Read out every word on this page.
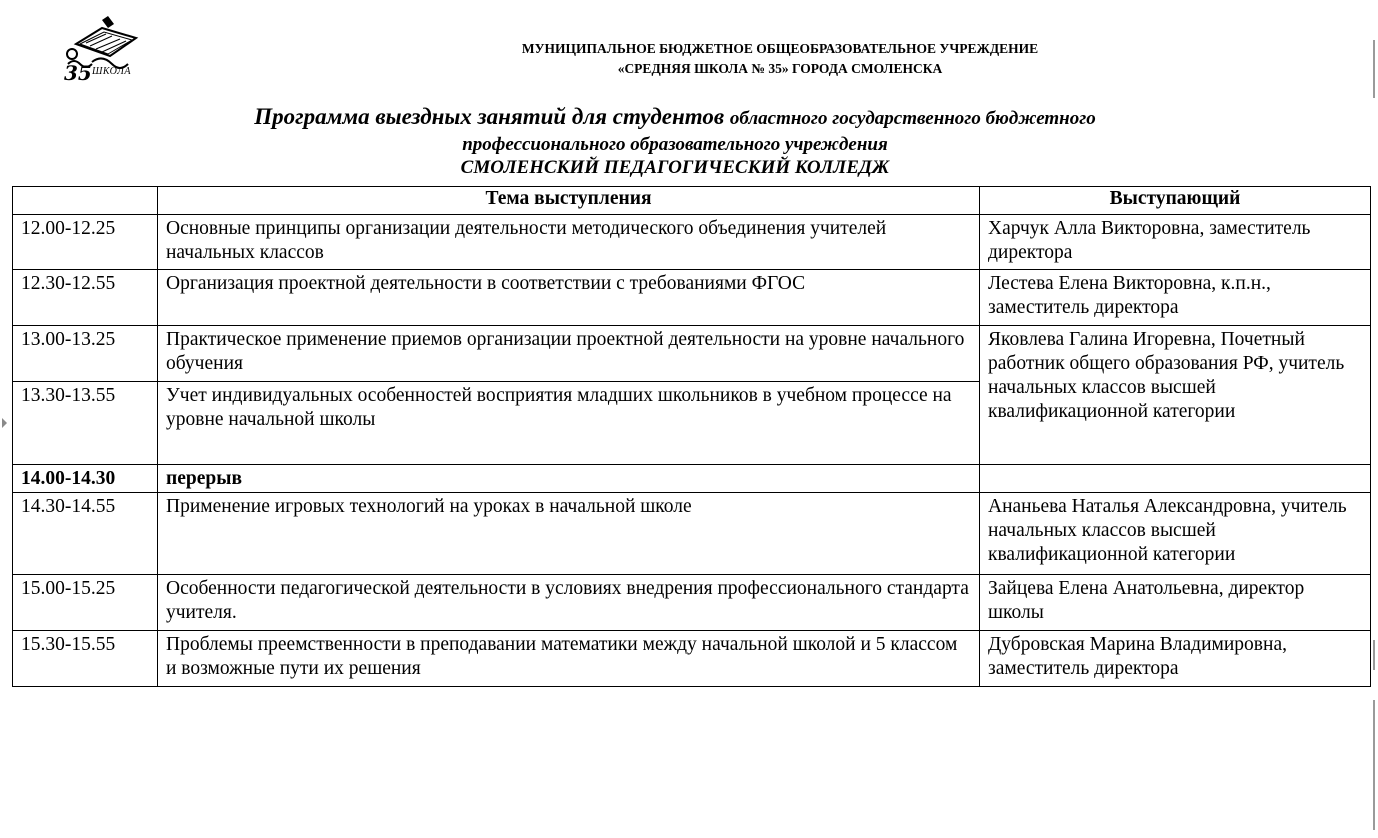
35 ШКОЛА
МУНИЦИПАЛЬНОЕ БЮДЖЕТНОЕ ОБЩЕОБРАЗОВАТЕЛЬНОЕ УЧРЕЖДЕНИЕ
«СРЕДНЯЯ ШКОЛА № 35» ГОРОДА СМОЛЕНСКА
Программа выездных занятий для студентов областного государственного бюджетного
профессионального образовательного учреждения
СМОЛЕНСКИЙ ПЕДАГОГИЧЕСКИЙ КОЛЛЕДЖ
	Тема выступления	Выступающий
12.00-12.25	Основные принципы организации деятельности методического объединения учителей начальных классов	Харчук Алла Викторовна, заместитель директора
12.30-12.55	Организация проектной деятельности в соответствии с требованиями ФГОС	Лестева Елена Викторовна, к.п.н., заместитель директора
13.00-13.25	Практическое применение приемов организации проектной деятельности на уровне начального обучения	Яковлева Галина Игоревна, Почетный работник общего образования РФ, учитель начальных классов высшей квалификационной категории
13.30-13.55	Учет индивидуальных особенностей восприятия младших школьников в учебном процессе на уровне начальной школы	
14.00-14.30	перерыв	
14.30-14.55	Применение игровых технологий на уроках в начальной школе	Ананьева Наталья Александровна, учитель начальных классов высшей квалификационной категории
15.00-15.25	Особенности педагогической деятельности в условиях внедрения профессионального стандарта учителя.	Зайцева Елена Анатольевна, директор школы
15.30-15.55	Проблемы преемственности в преподавании математики между начальной школой и 5 классом и возможные пути их решения	Дубровская Марина Владимировна, заместитель директора
